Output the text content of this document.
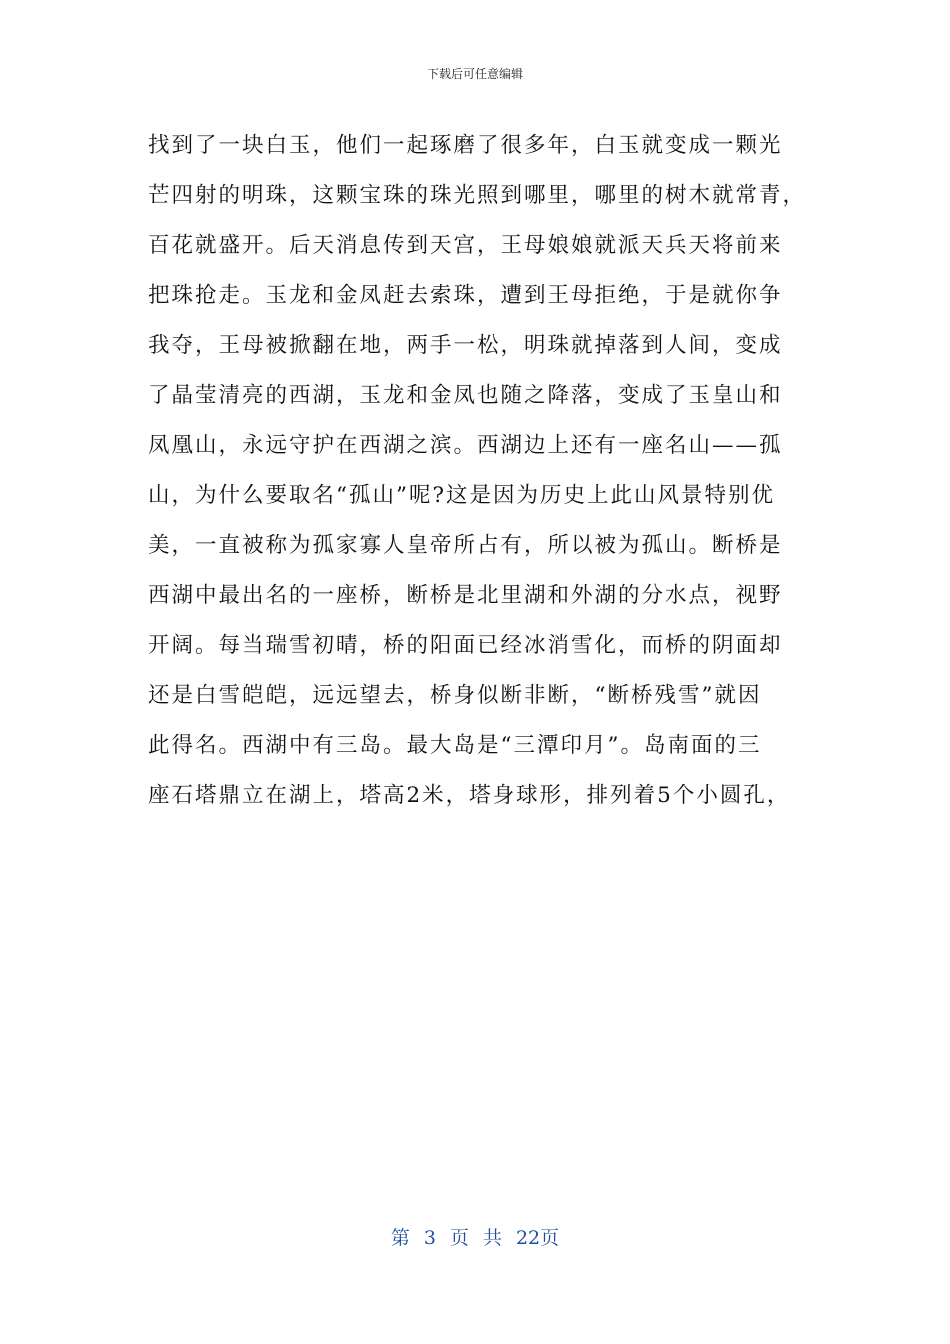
下载后可任意编辑
找到了一块白玉，他们一起琢磨了很多年，白玉就变成一颗光
芒四射的明珠，这颗宝珠的珠光照到哪里，哪里的树木就常青，
百花就盛开。后天消息传到天宫，王母娘娘就派天兵天将前来
把珠抢走。玉龙和金凤赶去索珠，遭到王母拒绝，于是就你争
我夺，王母被掀翻在地，两手一松，明珠就掉落到人间，变成
了晶莹清亮的西湖，玉龙和金凤也随之降落，变成了玉皇山和
凤凰山，永远守护在西湖之滨。西湖边上还有一座名山——孤
山，为什么要取名“孤山”呢?这是因为历史上此山风景特别优
美，一直被称为孤家寡人皇帝所占有，所以被为孤山。断桥是
西湖中最出名的一座桥，断桥是北里湖和外湖的分水点，视野
开阔。每当瑞雪初晴，桥的阳面已经冰消雪化，而桥的阴面却
还是白雪皑皑，远远望去，桥身似断非断，“断桥残雪”就因
此得名。西湖中有三岛。最大岛是“三潭印月”。岛南面的三
座石塔鼎立在湖上，塔高2米，塔身球形，排列着5个小圆孔，
第 3 页 共 22页
